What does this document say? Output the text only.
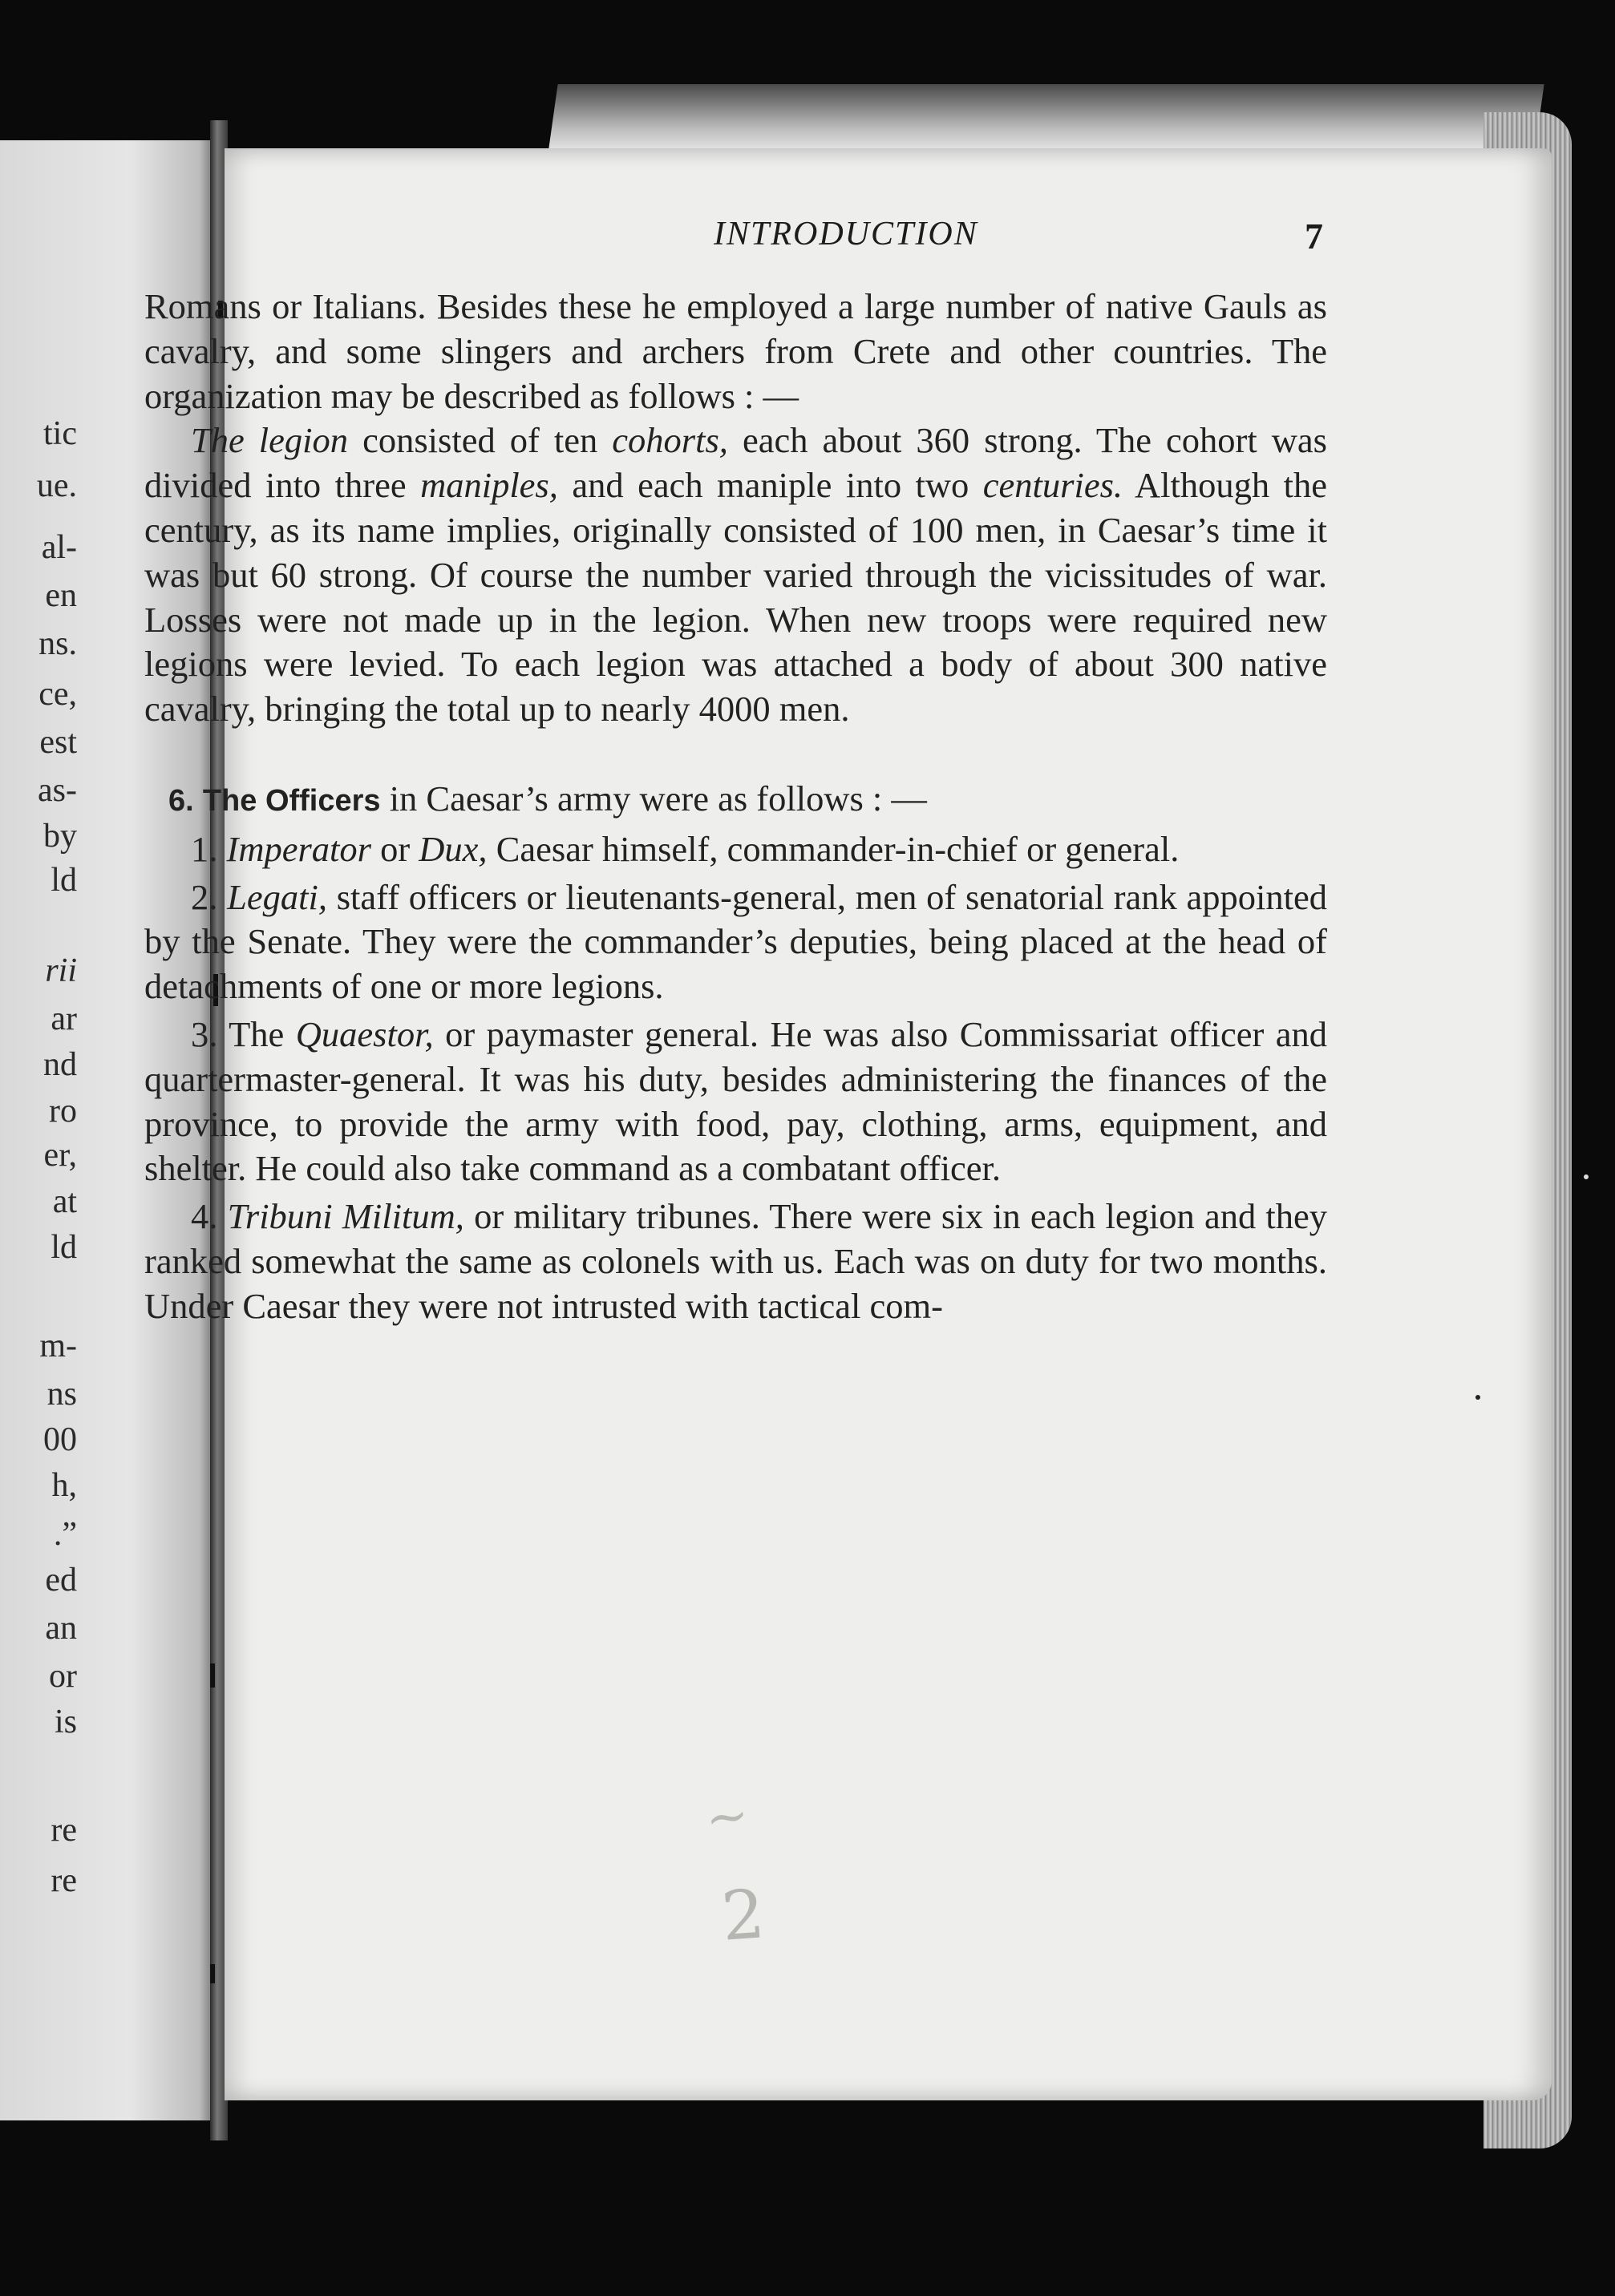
tic
ue.
al-
en
ns.
ce,
est
as-
by
ld
rii
ar
nd
ro
er,
at
ld
m-
ns
00
h,
.”
ed
an
or
is
re
re
INTRODUCTION	7

Romans or Italians. Besides these he employed a large number of native Gauls as cavalry, and some slingers and archers from Crete and other countries. The organization may be described as follows : —

The legion consisted of ten cohorts, each about 360 strong. The cohort was divided into three maniples, and each maniple into two centuries. Although the century, as its name implies, originally consisted of 100 men, in Caesar’s time it was but 60 strong. Of course the number varied through the vicissitudes of war. Losses were not made up in the legion. When new troops were required new legions were levied. To each legion was attached a body of about 300 native cavalry, bringing the total up to nearly 4000 men.

6. The Officers in Caesar’s army were as follows : —

1. Imperator or Dux, Caesar himself, commander-in-chief or general.

2. Legati, staff officers or lieutenants-general, men of senatorial rank appointed by the Senate. They were the commander’s deputies, being placed at the head of detachments of one or more legions.

3. The Quaestor, or paymaster general. He was also Commissariat officer and quartermaster-general. It was his duty, besides administering the finances of the province, to provide the army with food, pay, clothing, arms, equipment, and shelter. He could also take command as a combatant officer.

4. Tribuni Militum, or military tribunes. There were six in each legion and they ranked somewhat the same as colonels with us. Each was on duty for two months. Under Caesar they were not intrusted with tactical com-

~
2
